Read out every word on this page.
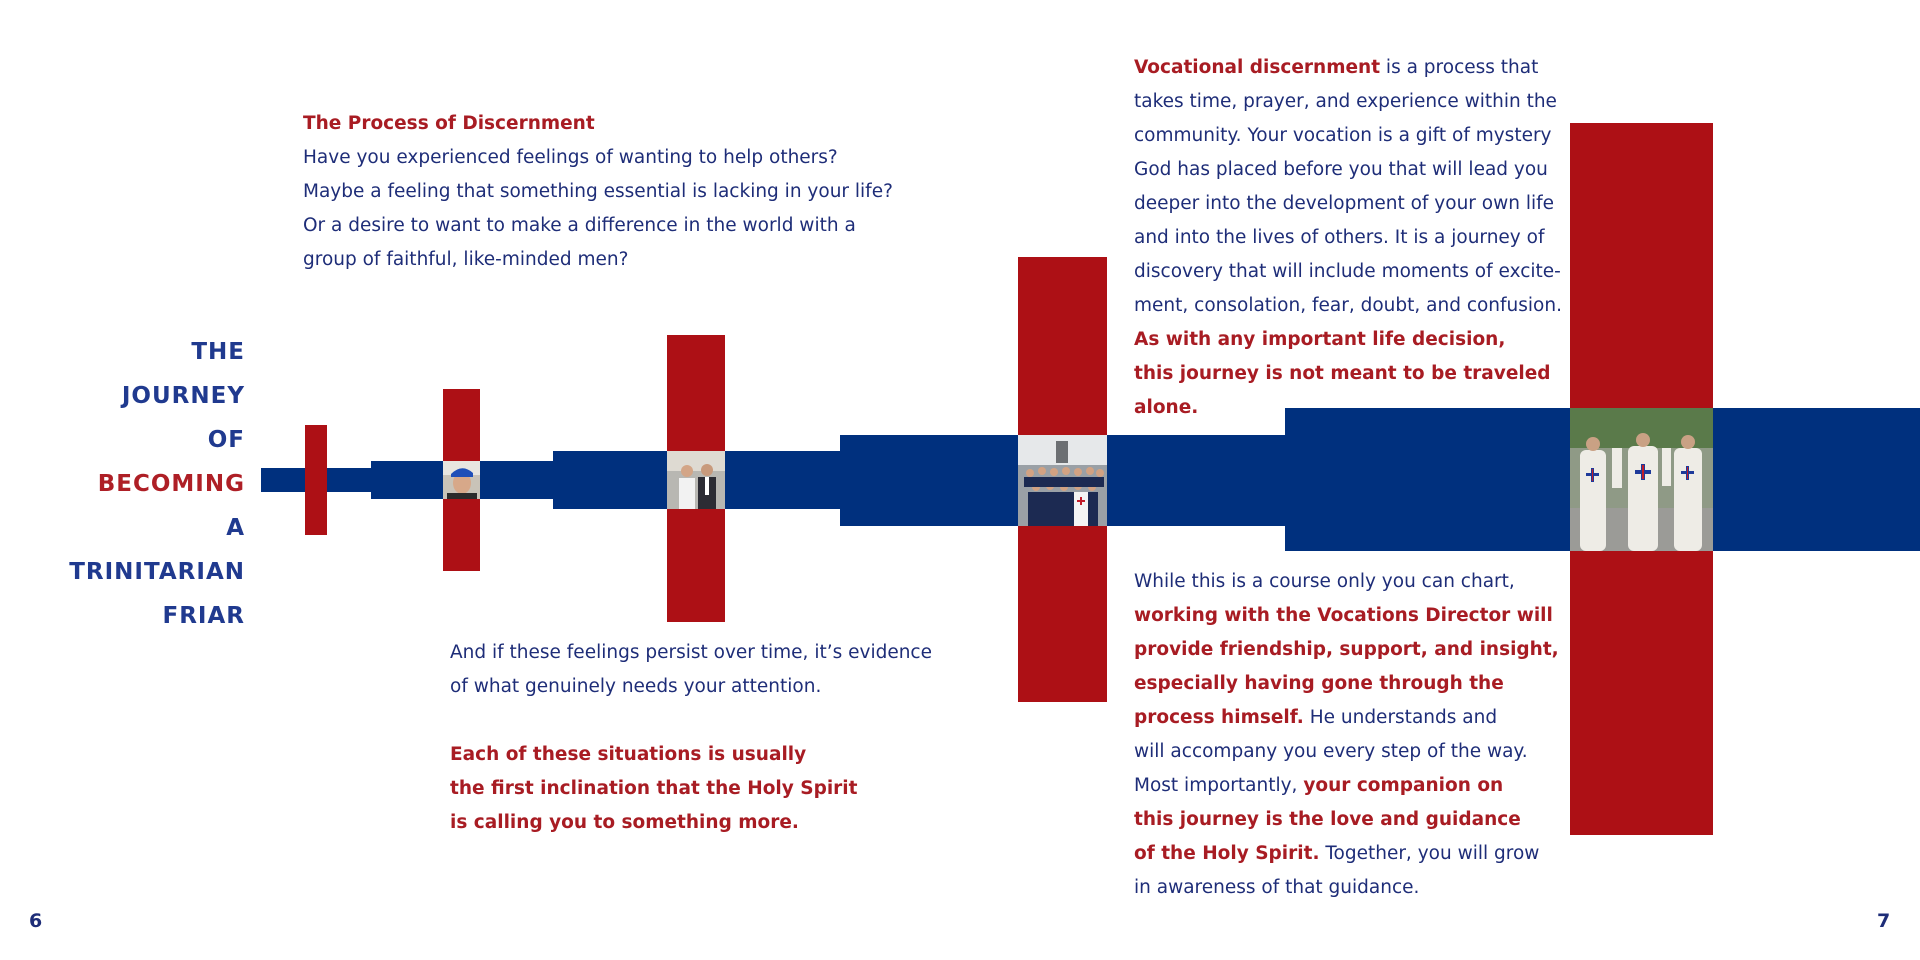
THE
JOURNEY
OF
BECOMING
A
TRINITARIAN
FRIAR
The Process of Discernment
Have you experienced feelings of wanting to help others?
Maybe a feeling that something essential is lacking in your life?
Or a desire to want to make a difference in the world with a
group of faithful, like-minded men?
And if these feelings persist over time, it’s evidence
of what genuinely needs your attention.
Each of these situations is usually
the first inclination that the Holy Spirit
is calling you to something more.
Vocational discernment is a process that
takes time, prayer, and experience within the
community. Your vocation is a gift of mystery
God has placed before you that will lead you
deeper into the development of your own life
and into the lives of others. It is a journey of
discovery that will include moments of excite-
ment, consolation, fear, doubt, and confusion.
As with any important life decision,
this journey is not meant to be traveled
alone.
While this is a course only you can chart,
working with the Vocations Director will
provide friendship, support, and insight,
especially having gone through the
process himself. He understands and
will accompany you every step of the way.
Most importantly, your companion on
this journey is the love and guidance
of the Holy Spirit. Together, you will grow
in awareness of that guidance.
6	7
